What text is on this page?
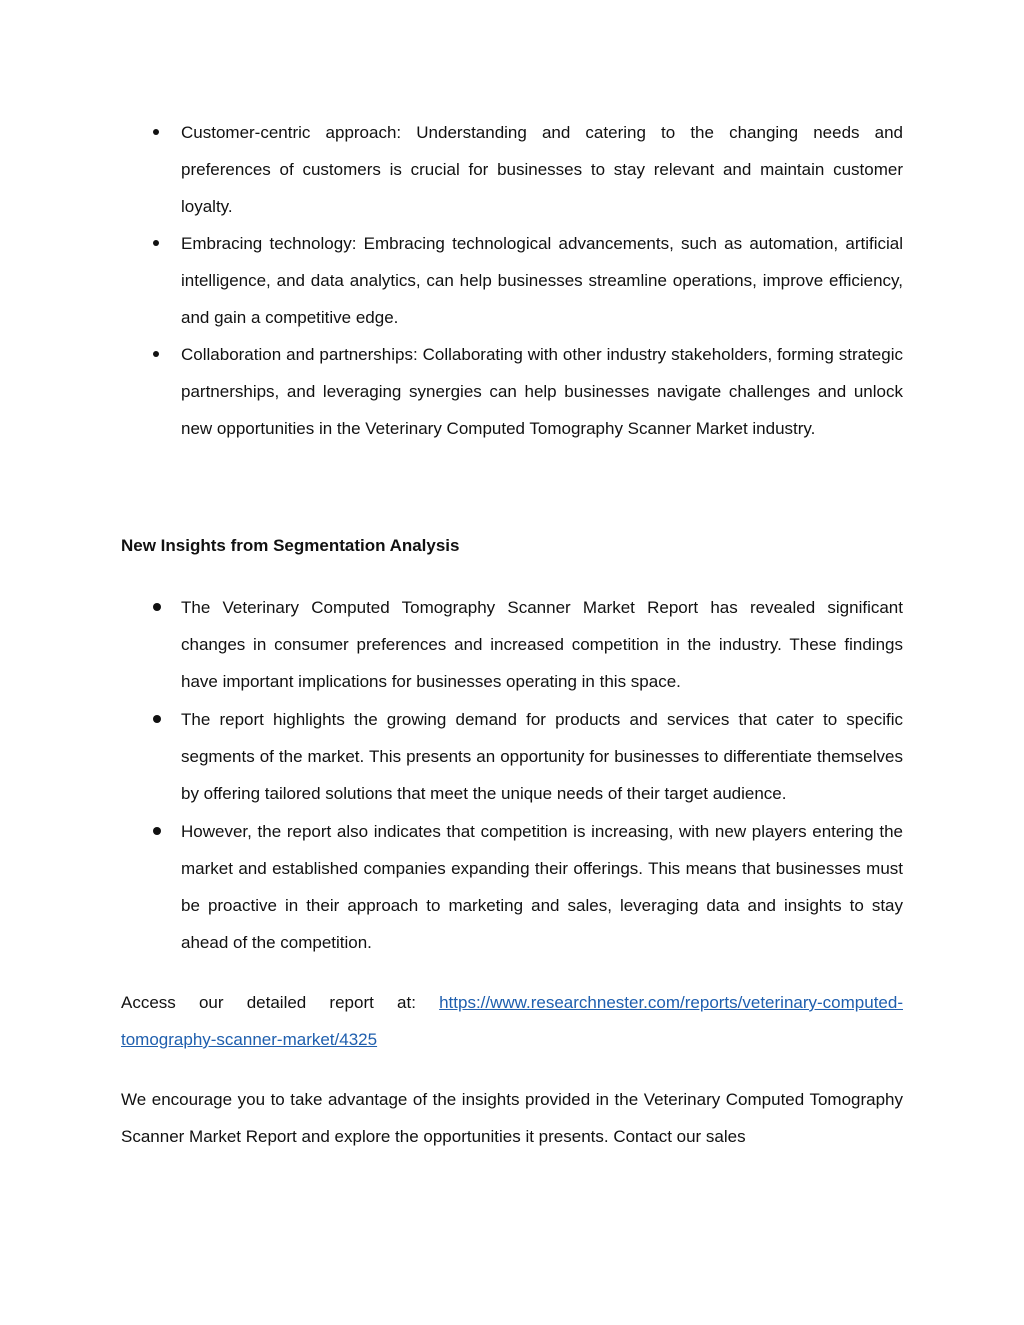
Customer-centric approach: Understanding and catering to the changing needs and preferences of customers is crucial for businesses to stay relevant and maintain customer loyalty.
Embracing technology: Embracing technological advancements, such as automation, artificial intelligence, and data analytics, can help businesses streamline operations, improve efficiency, and gain a competitive edge.
Collaboration and partnerships: Collaborating with other industry stakeholders, forming strategic partnerships, and leveraging synergies can help businesses navigate challenges and unlock new opportunities in the Veterinary Computed Tomography Scanner Market industry.
New Insights from Segmentation Analysis
The Veterinary Computed Tomography Scanner Market Report has revealed significant changes in consumer preferences and increased competition in the industry. These findings have important implications for businesses operating in this space.
The report highlights the growing demand for products and services that cater to specific segments of the market. This presents an opportunity for businesses to differentiate themselves by offering tailored solutions that meet the unique needs of their target audience.
However, the report also indicates that competition is increasing, with new players entering the market and established companies expanding their offerings. This means that businesses must be proactive in their approach to marketing and sales, leveraging data and insights to stay ahead of the competition.

Access our detailed report at: https://www.researchnester.com/reports/veterinary-computed-tomography-scanner-market/4325

We encourage you to take advantage of the insights provided in the Veterinary Computed Tomography Scanner Market Report and explore the opportunities it presents. Contact our sales
